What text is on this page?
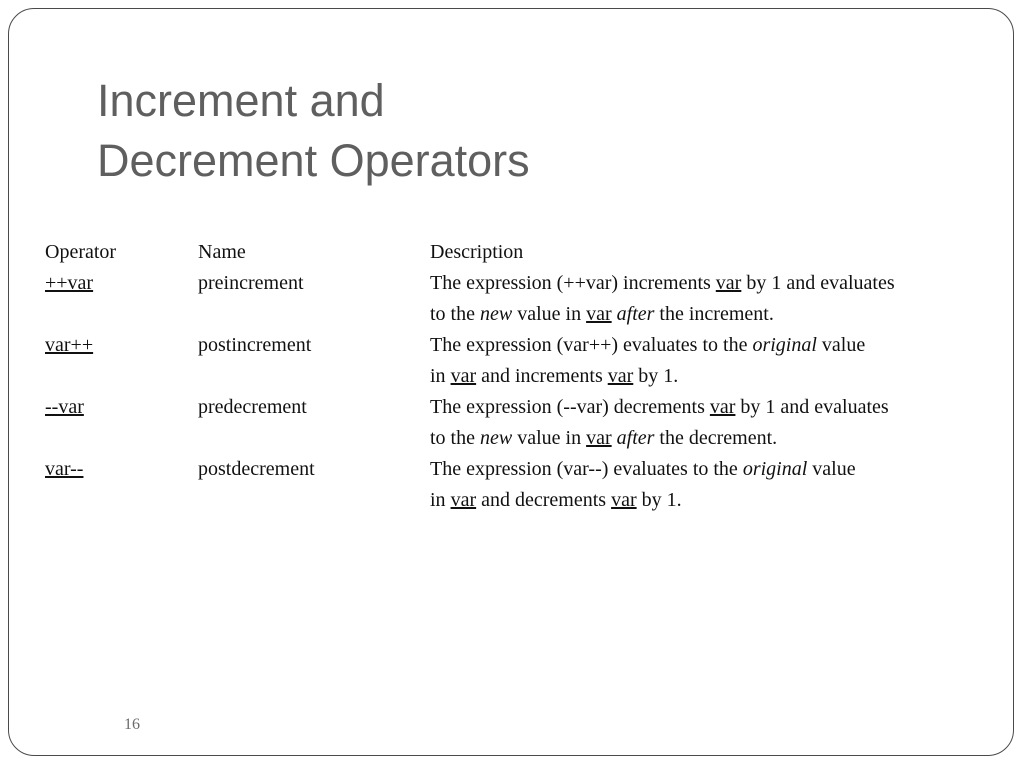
Increment and
Decrement Operators
Operator	Name	Description
++var	preincrement	The expression (++var) increments var by 1 and evaluates
to the new value in var after the increment.
var++	postincrement	The expression (var++) evaluates to the original value
in var and increments var by 1.
--var	predecrement	The expression (--var) decrements var by 1 and evaluates
to the new value in var after the decrement.
var--	postdecrement	The expression (var--) evaluates to the original value
in var and decrements var by 1.
16
